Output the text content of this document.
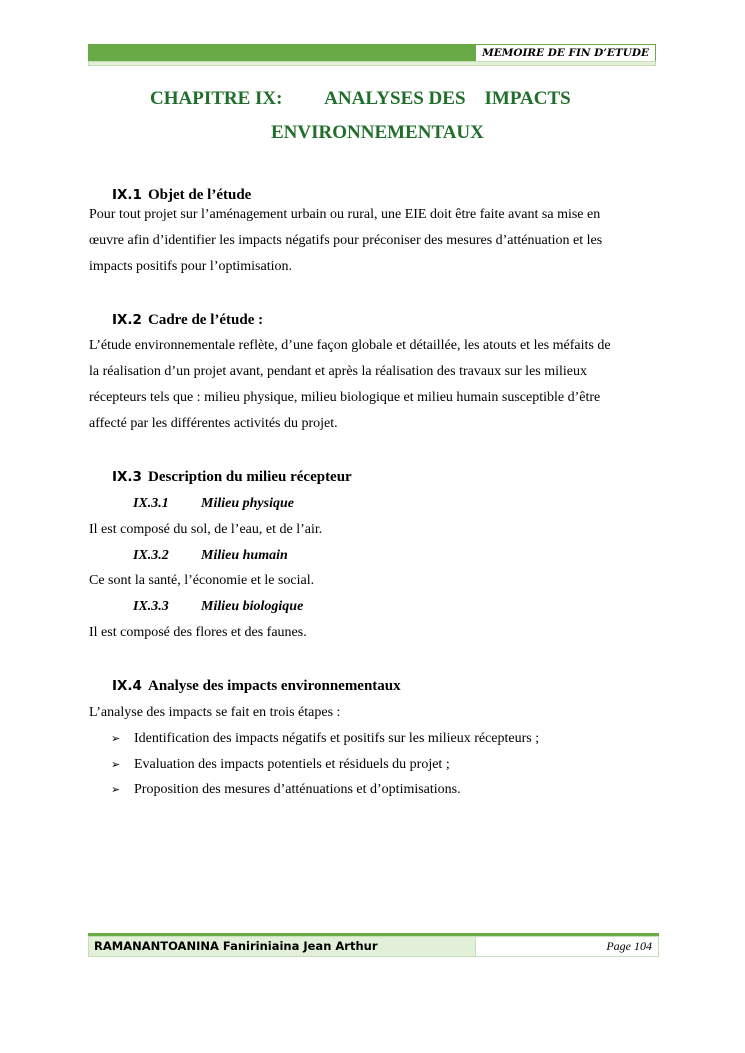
MEMOIRE DE FIN D’ETUDE
CHAPITRE IX:         ANALYSES DES    IMPACTS
ENVIRONNEMENTAUX
IX.1 Objet de l’étude
Pour tout projet sur l’aménagement urbain ou rural, une EIE doit être faite avant sa mise en
œuvre afin d’identifier les impacts négatifs pour préconiser des mesures d’atténuation et les
impacts positifs pour l’optimisation.
IX.2 Cadre de l’étude :
L’étude environnementale reflète, d’une façon globale et détaillée, les atouts et les méfaits de
la réalisation d’un projet avant, pendant et après la réalisation des travaux sur les milieux
récepteurs tels que : milieu physique, milieu biologique et milieu humain susceptible d’être
affecté par les différentes activités du projet.
IX.3 Description du milieu récepteur
IX.3.1 Milieu physique
Il est composé du sol, de l’eau, et de l’air.
IX.3.2 Milieu humain
Ce sont la santé, l’économie et le social.
IX.3.3 Milieu biologique
Il est composé des flores et des faunes.
IX.4 Analyse des impacts environnementaux
L’analyse des impacts se fait en trois étapes :
➢ Identification des impacts négatifs et positifs sur les milieux récepteurs ;
➢ Evaluation des impacts potentiels et résiduels du projet ;
➢ Proposition des mesures d’atténuations et d’optimisations.
RAMANANTOANINA Faniriniaina Jean Arthur	Page 104
